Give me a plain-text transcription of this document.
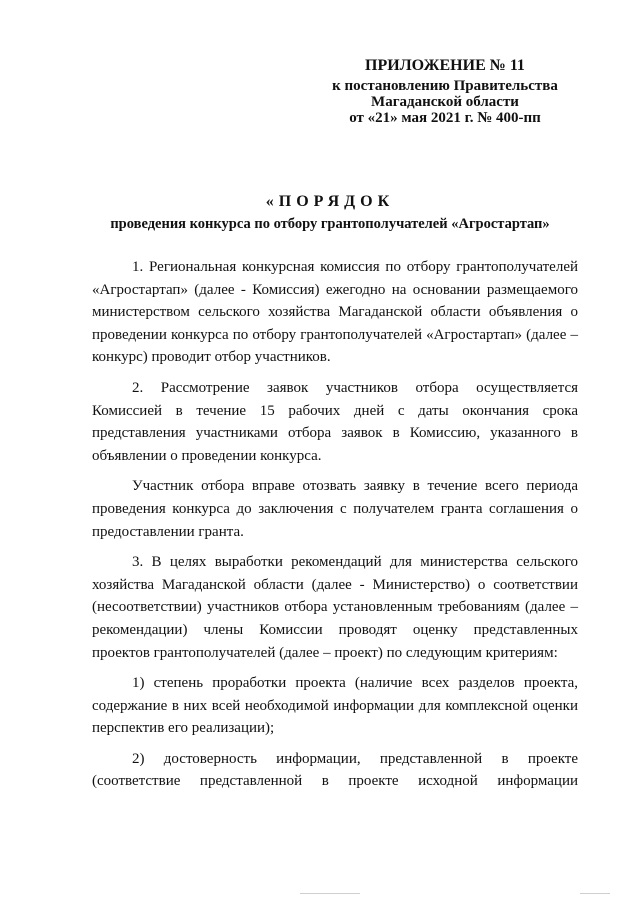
ПРИЛОЖЕНИЕ № 11
к постановлению Правительства
Магаданской области
от «21» мая 2021 г. № 400-пп
«ПОРЯДОК
проведения конкурса по отбору грантополучателей «Агростартап»

1. Региональная конкурсная комиссия по отбору грантополучателей «Агростартап» (далее - Комиссия) ежегодно на основании размещаемого министерством сельского хозяйства Магаданской области объявления о проведении конкурса по отбору грантополучателей «Агростартап» (далее – конкурс) проводит отбор участников.

2. Рассмотрение заявок участников отбора осуществляется Комиссией в течение 15 рабочих дней с даты окончания срока представления участниками отбора заявок в Комиссию, указанного в объявлении о проведении конкурса.

Участник отбора вправе отозвать заявку в течение всего периода проведения конкурса до заключения с получателем гранта соглашения о предоставлении гранта.

3. В целях выработки рекомендаций для министерства сельского хозяйства Магаданской области (далее - Министерство) о соответствии (несоответствии) участников отбора установленным требованиям (далее – рекомендации) члены Комиссии проводят оценку представленных проектов грантополучателей (далее – проект) по следующим критериям:

1) степень проработки проекта (наличие всех разделов проекта, содержание в них всей необходимой информации для комплексной оценки перспектив его реализации);

2) достоверность информации, представленной в проекте (соответствие представленной в проекте исходной информации
